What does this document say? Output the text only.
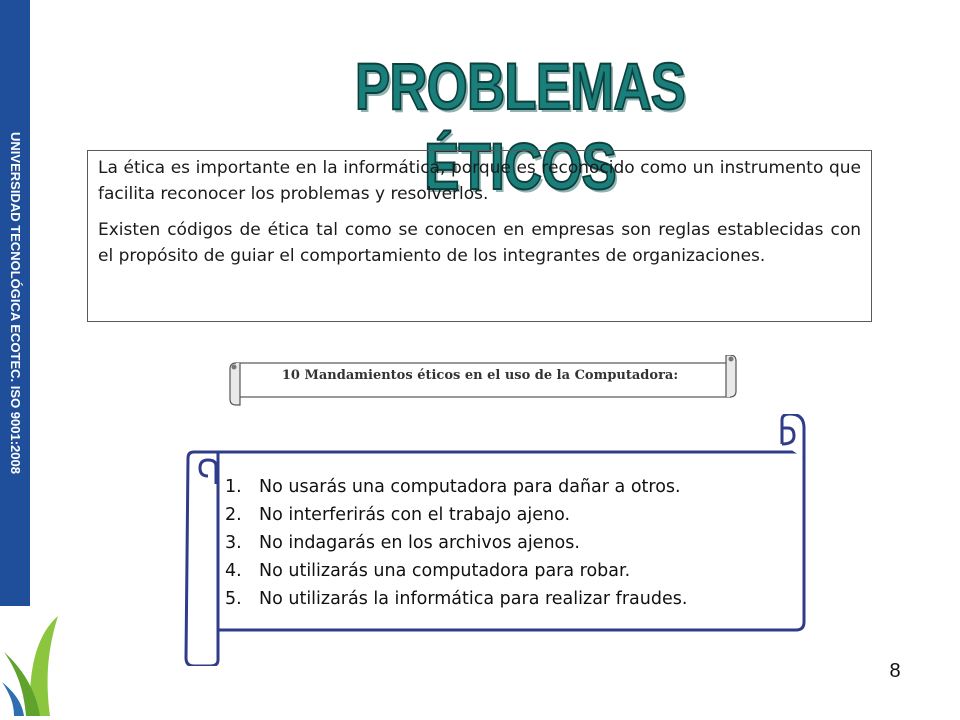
UNIVERSIDAD TECNOLÓGICA ECOTEC. ISO 9001:2008
PROBLEMAS ÉTICOS

La ética es importante en la informática, porque es reconocido como un instrumento que facilita reconocer los problemas y resolverlos.

Existen códigos de ética tal como se conocen en empresas son reglas establecidas con el propósito de guiar el comportamiento de los integrantes de organizaciones.

10 Mandamientos éticos en el uso de la Computadora:
1. No usarás una computadora para dañar a otros.
2. No interferirás con el trabajo ajeno.
3. No indagarás en los archivos ajenos.
4. No utilizarás una computadora para robar.
5. No utilizarás la informática para realizar fraudes.
8
